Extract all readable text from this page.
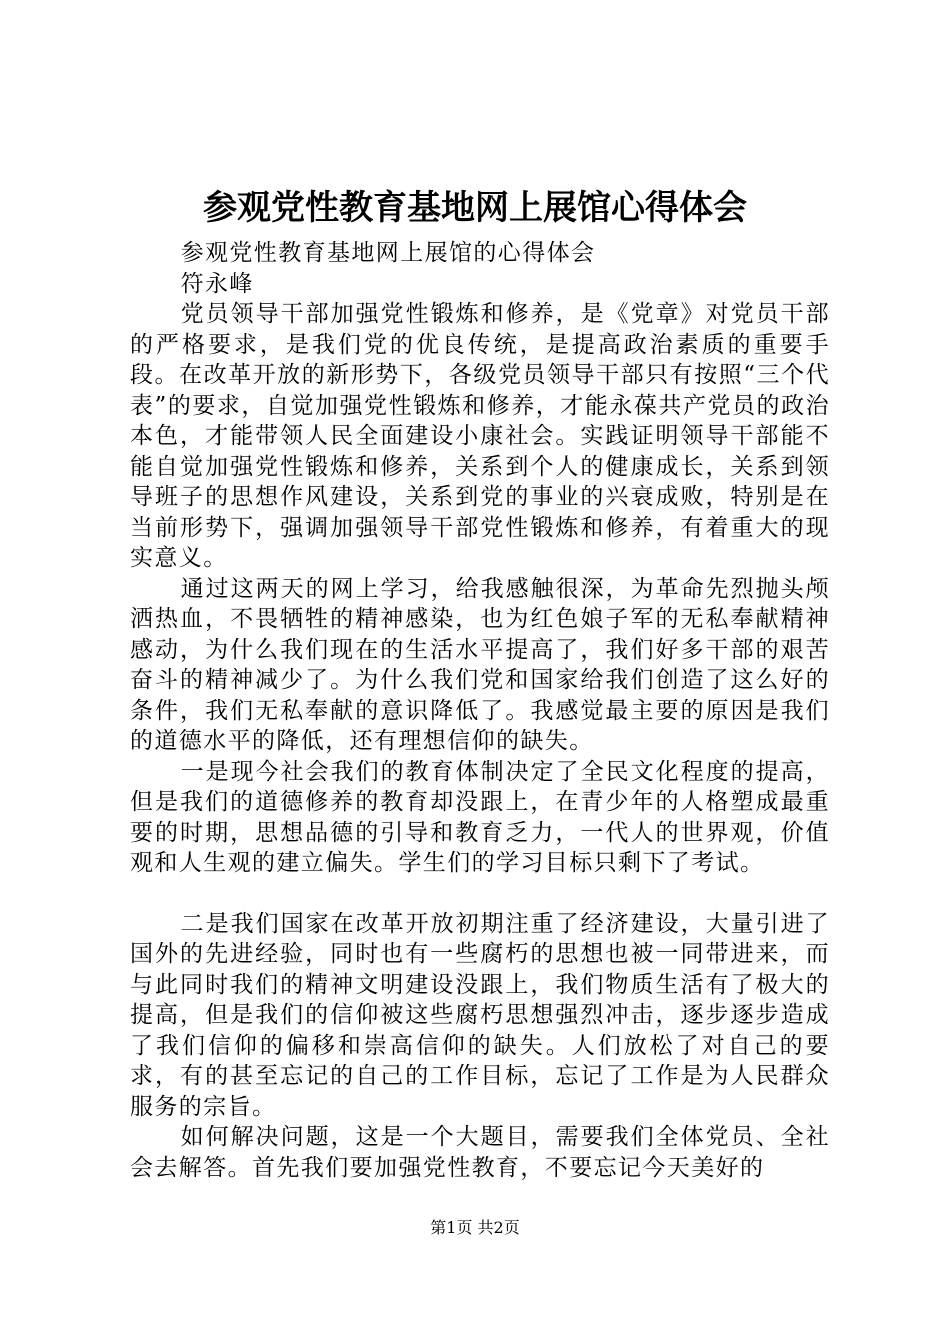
参观党性教育基地网上展馆心得体会

参观党性教育基地网上展馆的心得体会

符永峰

党员领导干部加强党性锻炼和修养，是《党章》对党员干部的严格要求，是我们党的优良传统，是提高政治素质的重要手段。在改革开放的新形势下，各级党员领导干部只有按照“三个代表”的要求，自觉加强党性锻炼和修养，才能永葆共产党员的政治本色，才能带领人民全面建设小康社会。实践证明领导干部能不能自觉加强党性锻炼和修养，关系到个人的健康成长，关系到领导班子的思想作风建设，关系到党的事业的兴衰成败，特别是在当前形势下，强调加强领导干部党性锻炼和修养，有着重大的现实意义。

通过这两天的网上学习，给我感触很深，为革命先烈抛头颅洒热血，不畏牺牲的精神感染，也为红色娘子军的无私奉献精神感动，为什么我们现在的生活水平提高了，我们好多干部的艰苦奋斗的精神减少了。为什么我们党和国家给我们创造了这么好的条件，我们无私奉献的意识降低了。我感觉最主要的原因是我们的道德水平的降低，还有理想信仰的缺失。

一是现今社会我们的教育体制决定了全民文化程度的提高，但是我们的道德修养的教育却没跟上，在青少年的人格塑成最重要的时期，思想品德的引导和教育乏力，一代人的世界观，价值观和人生观的建立偏失。学生们的学习目标只剩下了考试。

二是我们国家在改革开放初期注重了经济建设，大量引进了国外的先进经验，同时也有一些腐朽的思想也被一同带进来，而与此同时我们的精神文明建设没跟上，我们物质生活有了极大的提高，但是我们的信仰被这些腐朽思想强烈冲击，逐步逐步造成了我们信仰的偏移和崇高信仰的缺失。人们放松了对自己的要求，有的甚至忘记的自己的工作目标，忘记了工作是为人民群众服务的宗旨。

如何解决问题，这是一个大题目，需要我们全体党员、全社会去解答。首先我们要加强党性教育，不要忘记今天美好的

第1页 共2页
